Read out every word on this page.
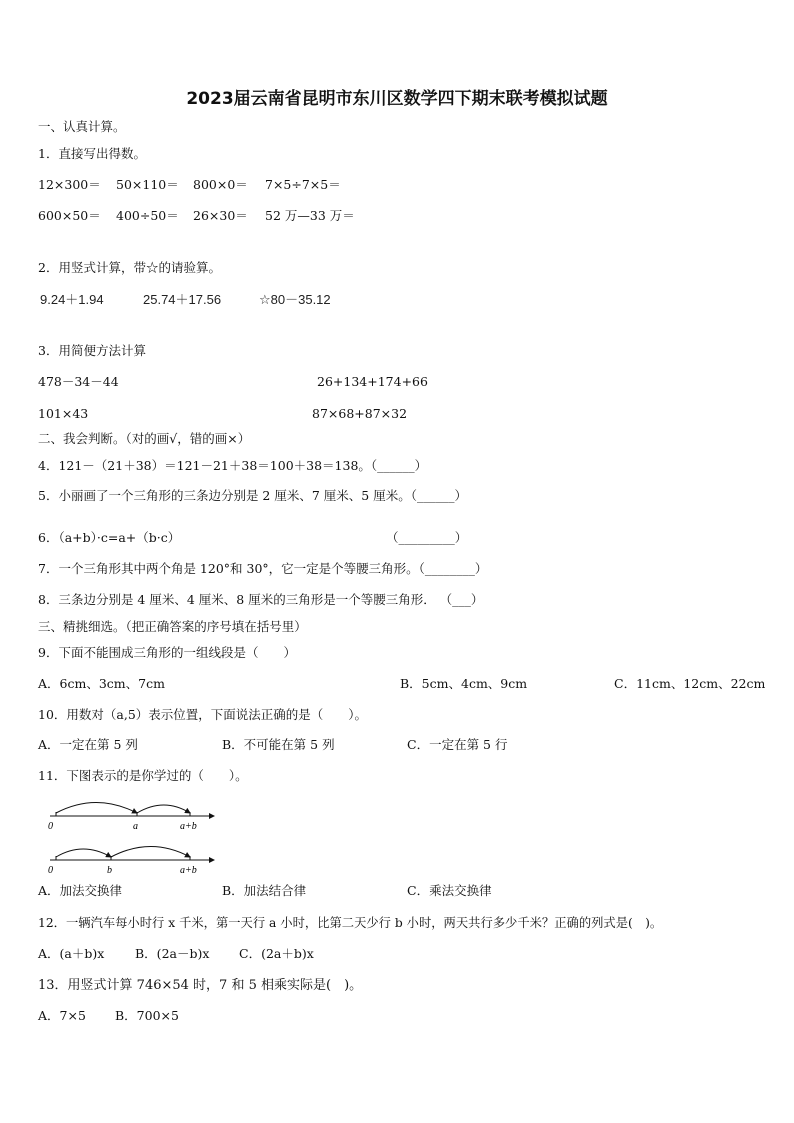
2023届云南省昆明市东川区数学四下期末联考模拟试题
一、认真计算。
1．直接写出得数。
12×300＝ 50×110＝ 800×0＝ 7×5÷7×5＝
600×50＝ 400÷50＝ 26×30＝ 52 万—33 万＝
2．用竖式计算，带☆的请验算。
9.24＋1.94	25.74＋17.56	☆80－35.12
3．用简便方法计算
478－34－44	26+134+174+66
101×43	87×68+87×32
二、我会判断。（对的画√，错的画×）
4．121－（21＋38）＝121－21＋38＝100＋38＝138。（______）
5．小丽画了一个三角形的三条边分别是 2 厘米、7 厘米、5 厘米。（______）
6．（a+b）·c=a+（b·c）	（_________）
7．一个三角形其中两个角是 120°和 30°，它一定是个等腰三角形。（________）
8．三条边分别是 4 厘米、4 厘米、8 厘米的三角形是一个等腰三角形． （___）
三、精挑细选。（把正确答案的序号填在括号里）
9．下面不能围成三角形的一组线段是（　　）
A．6cm、3cm、7cm	B．5cm、4cm、9cm	C．11cm、12cm、22cm
10．用数对（a,5）表示位置，下面说法正确的是（　　）。
A．一定在第 5 列	B．不可能在第 5 列	C．一定在第 5 行
11．下图表示的是你学过的（　　）。
0	a	a+b
0	b	a+b
A．加法交换律	B．加法结合律	C．乘法交换律
12．一辆汽车每小时行 x 千米，第一天行 a 小时，比第二天少行 b 小时，两天共行多少千米？正确的列式是(　)。
A．(a＋b)x B．(2a－b)x C．(2a＋b)x
13．用竖式计算 746×54 时，7 和 5 相乘实际是(　)。
A．7×5 B．700×5
